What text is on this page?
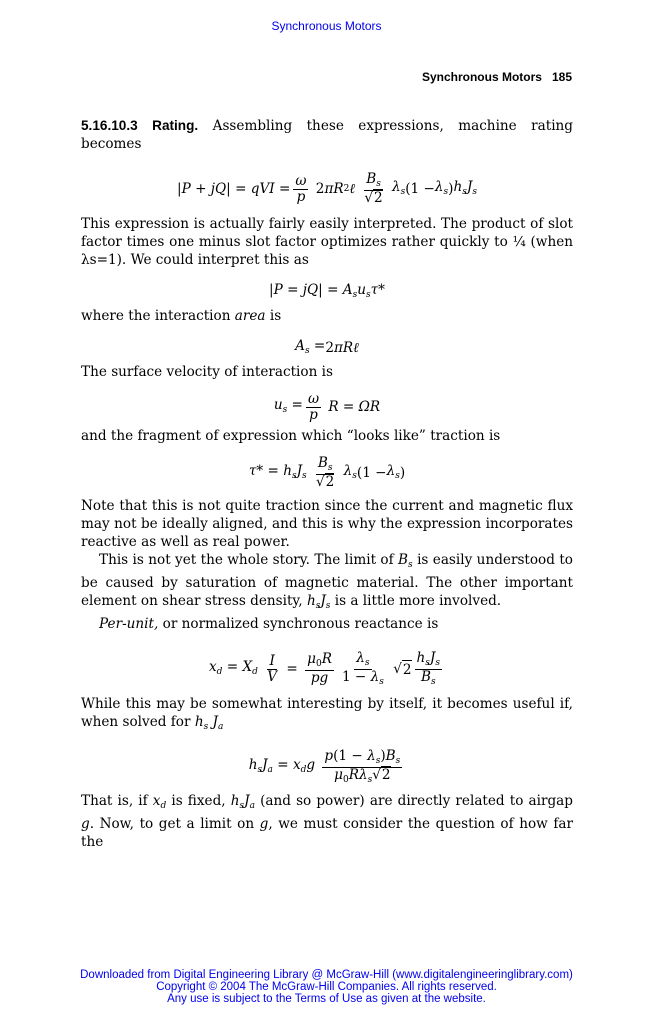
Synchronous Motors
Synchronous Motors 185

5.16.10.3 Rating. Assembling these expressions, machine rating becomes

|P + jQ| = qVI = $\frac{\omega}{p} 2$ πR 2 ℓ $\frac{B_s}{√2} \lambda_s$ ($1 - \lambda_s$ ) $h_sJ_s$

This expression is actually fairly easily interpreted. The product of slot factor times one minus slot factor optimizes rather quickly to ¼ (when λs=1). We could interpret this as

$|P = jQ| = A_su_s\tau*$

where the interaction area is

$A_s = 2$ πRℓ

The surface velocity of interaction is

$u_s = \frac{\omega}{p}$ R = ΩR

and the fragment of expression which “looks like” traction is

$\tau* = h_sJ_s \frac{B_s}{√2} \lambda_s$ ($1 - \lambda_s$ )

Note that this is not quite traction since the current and magnetic flux may not be ideally aligned, and this is why the expression incorporates reactive as well as real power.

This is not yet the whole story. The limit of $B_s$ is easily understood to be caused by saturation of magnetic material. The other important element on shear stress density, $h_sJ_s$ is a little more involved.

Per-unit, or normalized synchronous reactance is

$x_d = X_d \frac{I}{V} = \frac{\mu_0R}{pg} \frac{\lambda_s}{1 - \lambda_s}$ √ $2 \frac{h_sJ_s}{B_s}$

While this may be somewhat interesting by itself, it becomes useful if, when solved for $h_s$ $J_a$

$h_sJ_a = x_dg \frac{p(1 - \lambda_s)B_s}{\mu_0R\lambda_s√2}$

That is, if $x_d$ is fixed, $h_sJ_a$ (and so power) are directly related to airgap g. Now, to get a limit on g, we must consider the question of how far the

Downloaded from Digital Engineering Library @ McGraw-Hill (www.digitalengineeringlibrary.com)
Copyright © 2004 The McGraw-Hill Companies. All rights reserved.
Any use is subject to the Terms of Use as given at the website.
